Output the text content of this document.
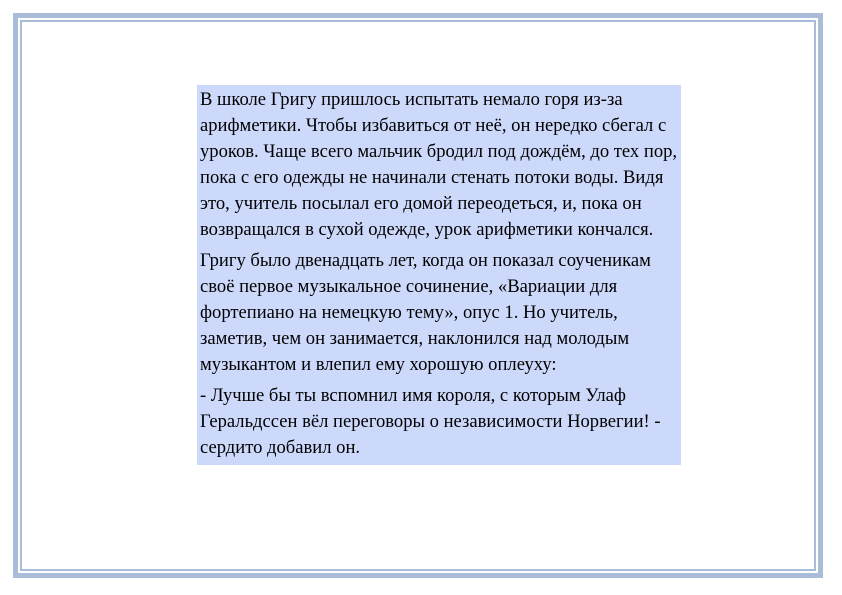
В школе Григу пришлось испытать немало горя из-за арифметики. Чтобы избавиться от неё, он нередко сбегал с уроков. Чаще всего мальчик бродил под дождём, до тех пор, пока с его одежды не начинали стенать потоки воды. Видя это, учитель посылал его домой переодеться, и, пока он возвращался в сухой одежде, урок арифметики кончался.

Григу было двенадцать лет, когда он показал соученикам своё первое музыкальное сочинение, «Вариации для фортепиано на немецкую тему», опус 1. Но учитель, заметив, чем он занимается, наклонился над молодым музыкантом и влепил ему хорошую оплеуху:

- Лучше бы ты вспомнил имя короля, с которым Улаф Геральдссен вёл переговоры о независимости Норвегии! - сердито добавил он.
